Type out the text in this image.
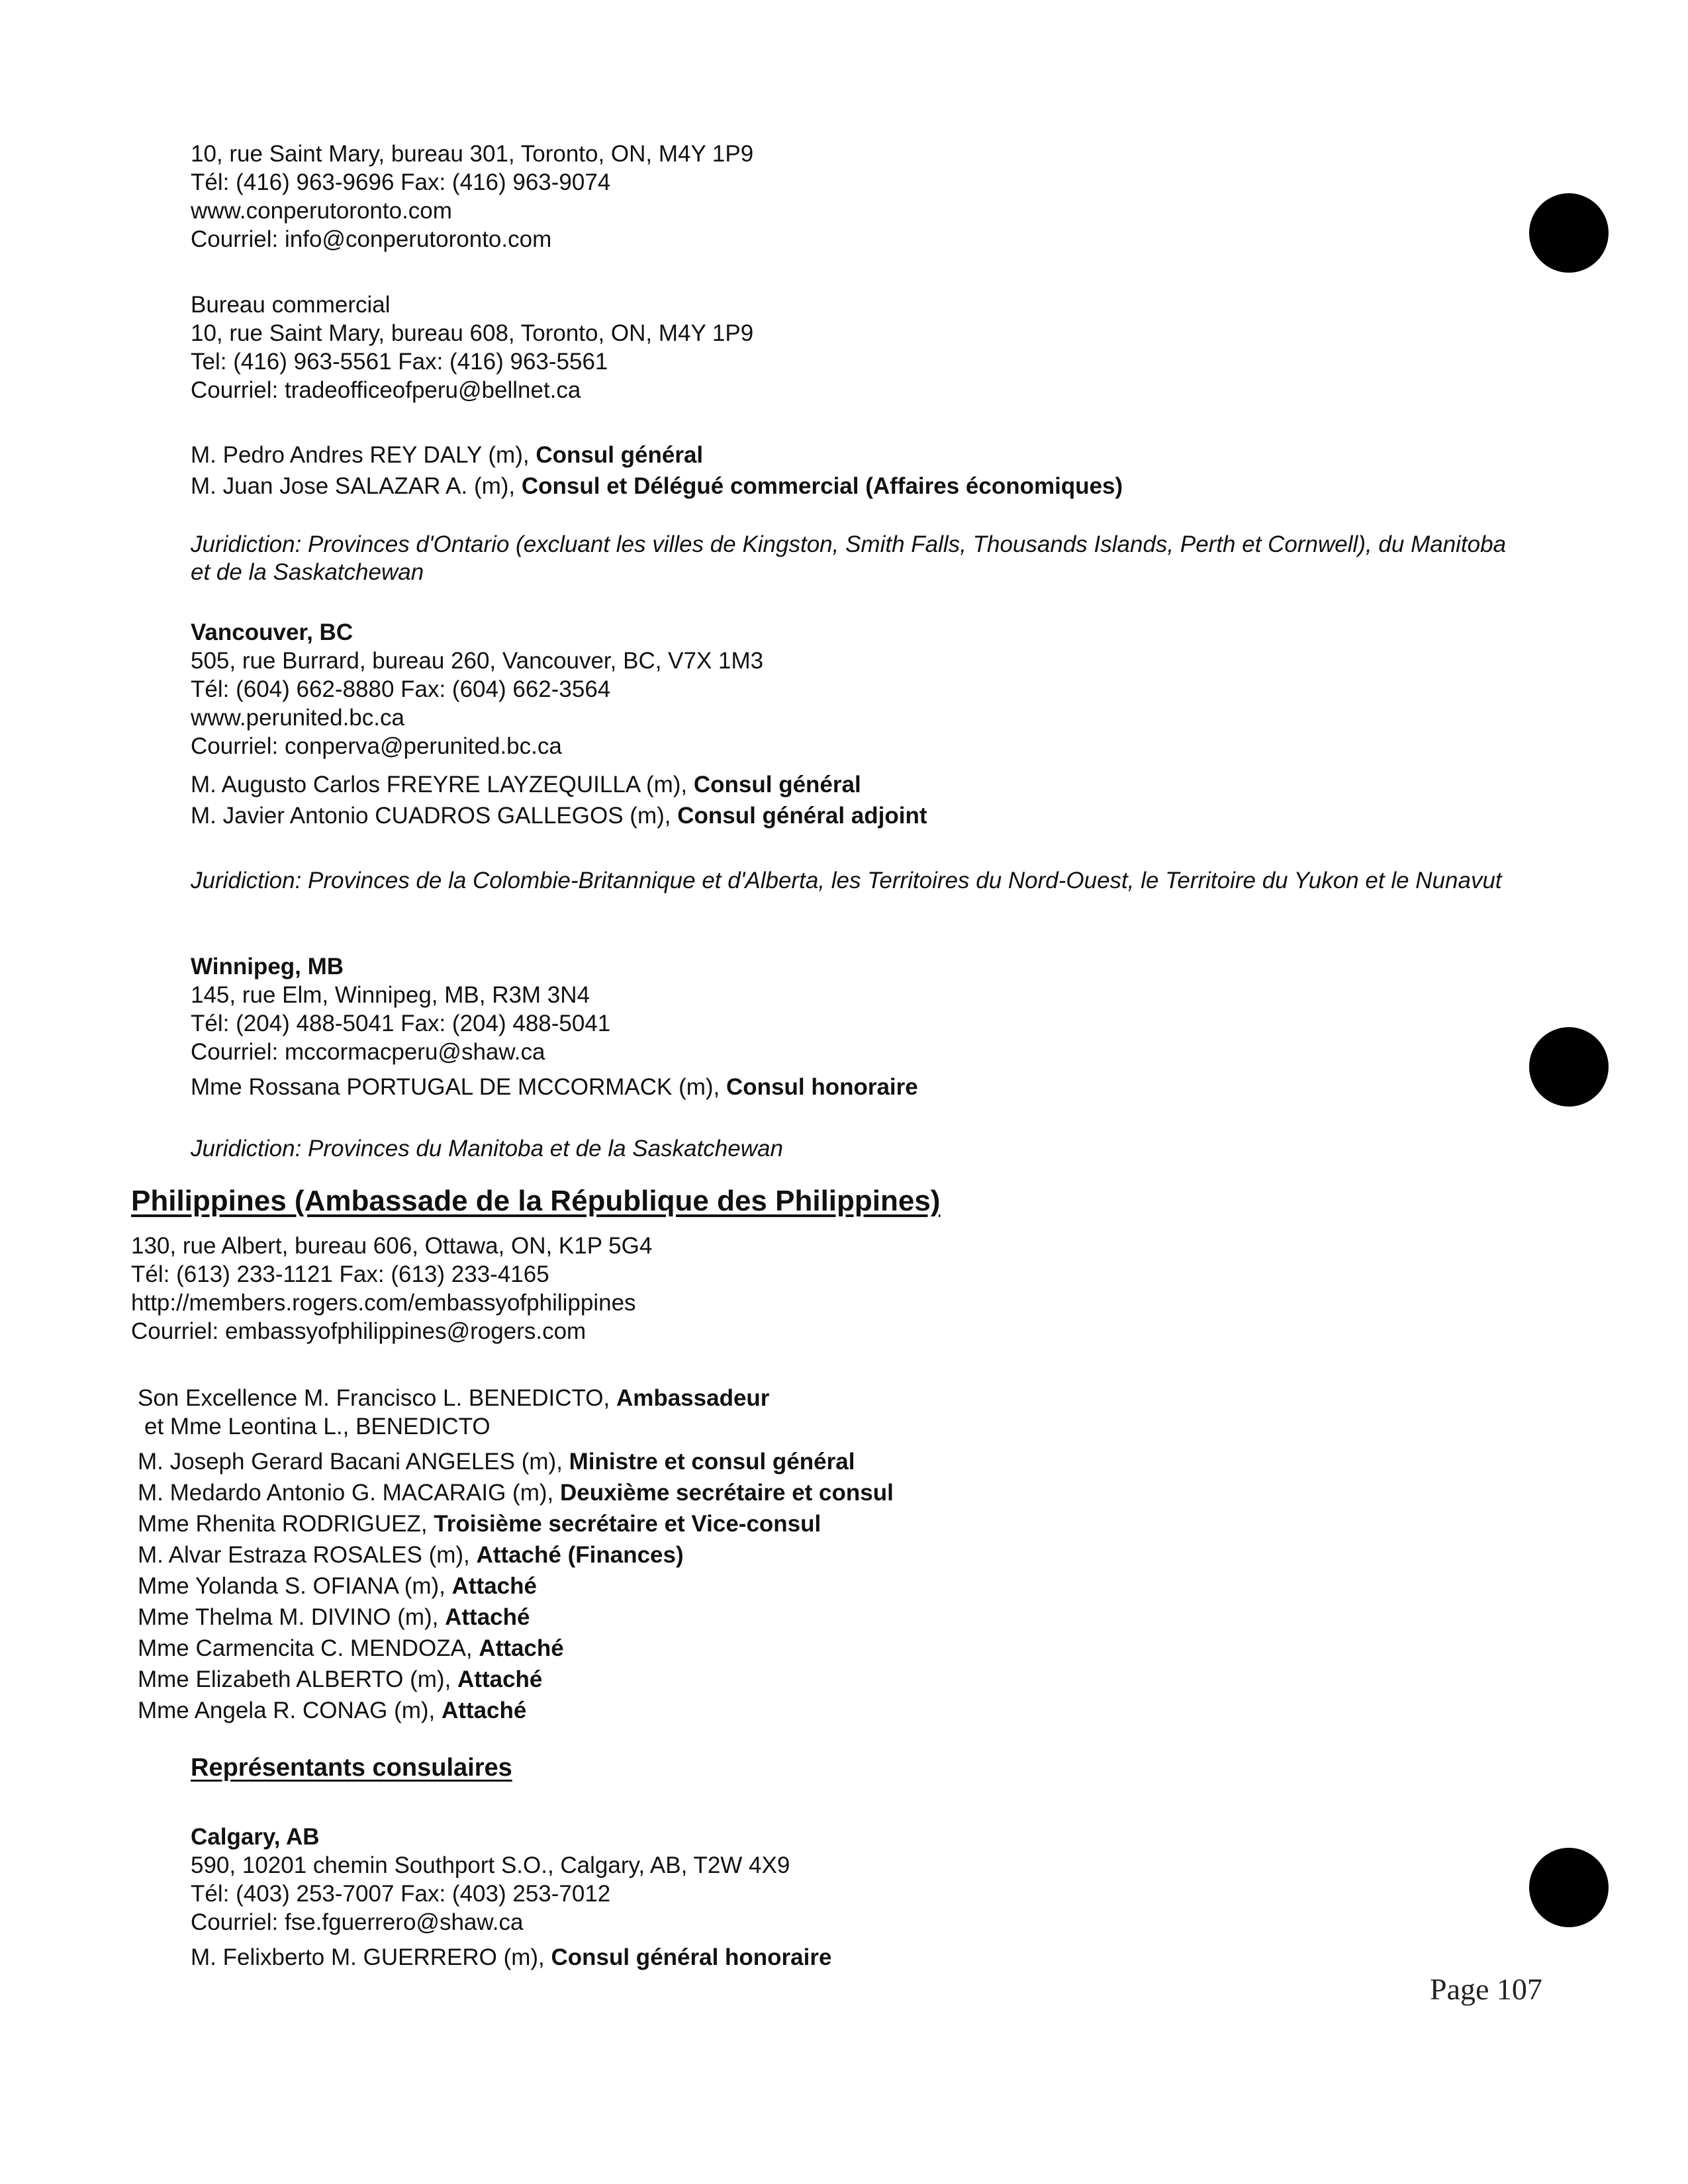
10, rue Saint Mary, bureau 301, Toronto, ON, M4Y 1P9
Tél: (416) 963-9696 Fax: (416) 963-9074
www.conperutoronto.com
Courriel: info@conperutoronto.com
Bureau commercial
10, rue Saint Mary, bureau 608, Toronto, ON, M4Y 1P9
Tel: (416) 963-5561 Fax: (416) 963-5561
Courriel: tradeofficeofperu@bellnet.ca
M. Pedro Andres REY DALY (m), Consul général
M. Juan Jose SALAZAR A. (m), Consul et Délégué commercial (Affaires économiques)
Juridiction: Provinces d'Ontario (excluant les villes de Kingston, Smith Falls, Thousands Islands, Perth et Cornwell), du Manitoba et de la Saskatchewan
Vancouver, BC
505, rue Burrard, bureau 260, Vancouver, BC, V7X 1M3
Tél: (604) 662-8880 Fax: (604) 662-3564
www.perunited.bc.ca
Courriel: conperva@perunited.bc.ca
M. Augusto Carlos FREYRE LAYZEQUILLA (m), Consul général
M. Javier Antonio CUADROS GALLEGOS (m), Consul général adjoint
Juridiction: Provinces de la Colombie-Britannique et d'Alberta, les Territoires du Nord-Ouest, le Territoire du Yukon et le Nunavut
Winnipeg, MB
145, rue Elm, Winnipeg, MB, R3M 3N4
Tél: (204) 488-5041 Fax: (204) 488-5041
Courriel: mccormacperu@shaw.ca
Mme Rossana PORTUGAL DE MCCORMACK (m), Consul honoraire
Juridiction: Provinces du Manitoba et de la Saskatchewan
Philippines (Ambassade de la République des Philippines)
130, rue Albert, bureau 606, Ottawa, ON, K1P 5G4
Tél: (613) 233-1121 Fax: (613) 233-4165
http://members.rogers.com/embassyofphilippines
Courriel: embassyofphilippines@rogers.com
Son Excellence M. Francisco L. BENEDICTO, Ambassadeur
et Mme Leontina L., BENEDICTO
M. Joseph Gerard Bacani ANGELES (m), Ministre et consul général
M. Medardo Antonio G. MACARAIG (m), Deuxième secrétaire et consul
Mme Rhenita RODRIGUEZ, Troisième secrétaire et Vice-consul
M. Alvar Estraza ROSALES (m), Attaché (Finances)
Mme Yolanda S. OFIANA (m), Attaché
Mme Thelma M. DIVINO (m), Attaché
Mme Carmencita C. MENDOZA, Attaché
Mme Elizabeth ALBERTO (m), Attaché
Mme Angela R. CONAG (m), Attaché
Représentants consulaires
Calgary, AB
590, 10201 chemin Southport S.O., Calgary, AB, T2W 4X9
Tél: (403) 253-7007 Fax: (403) 253-7012
Courriel: fse.fguerrero@shaw.ca
M. Felixberto M. GUERRERO (m), Consul général honoraire
Page 107
